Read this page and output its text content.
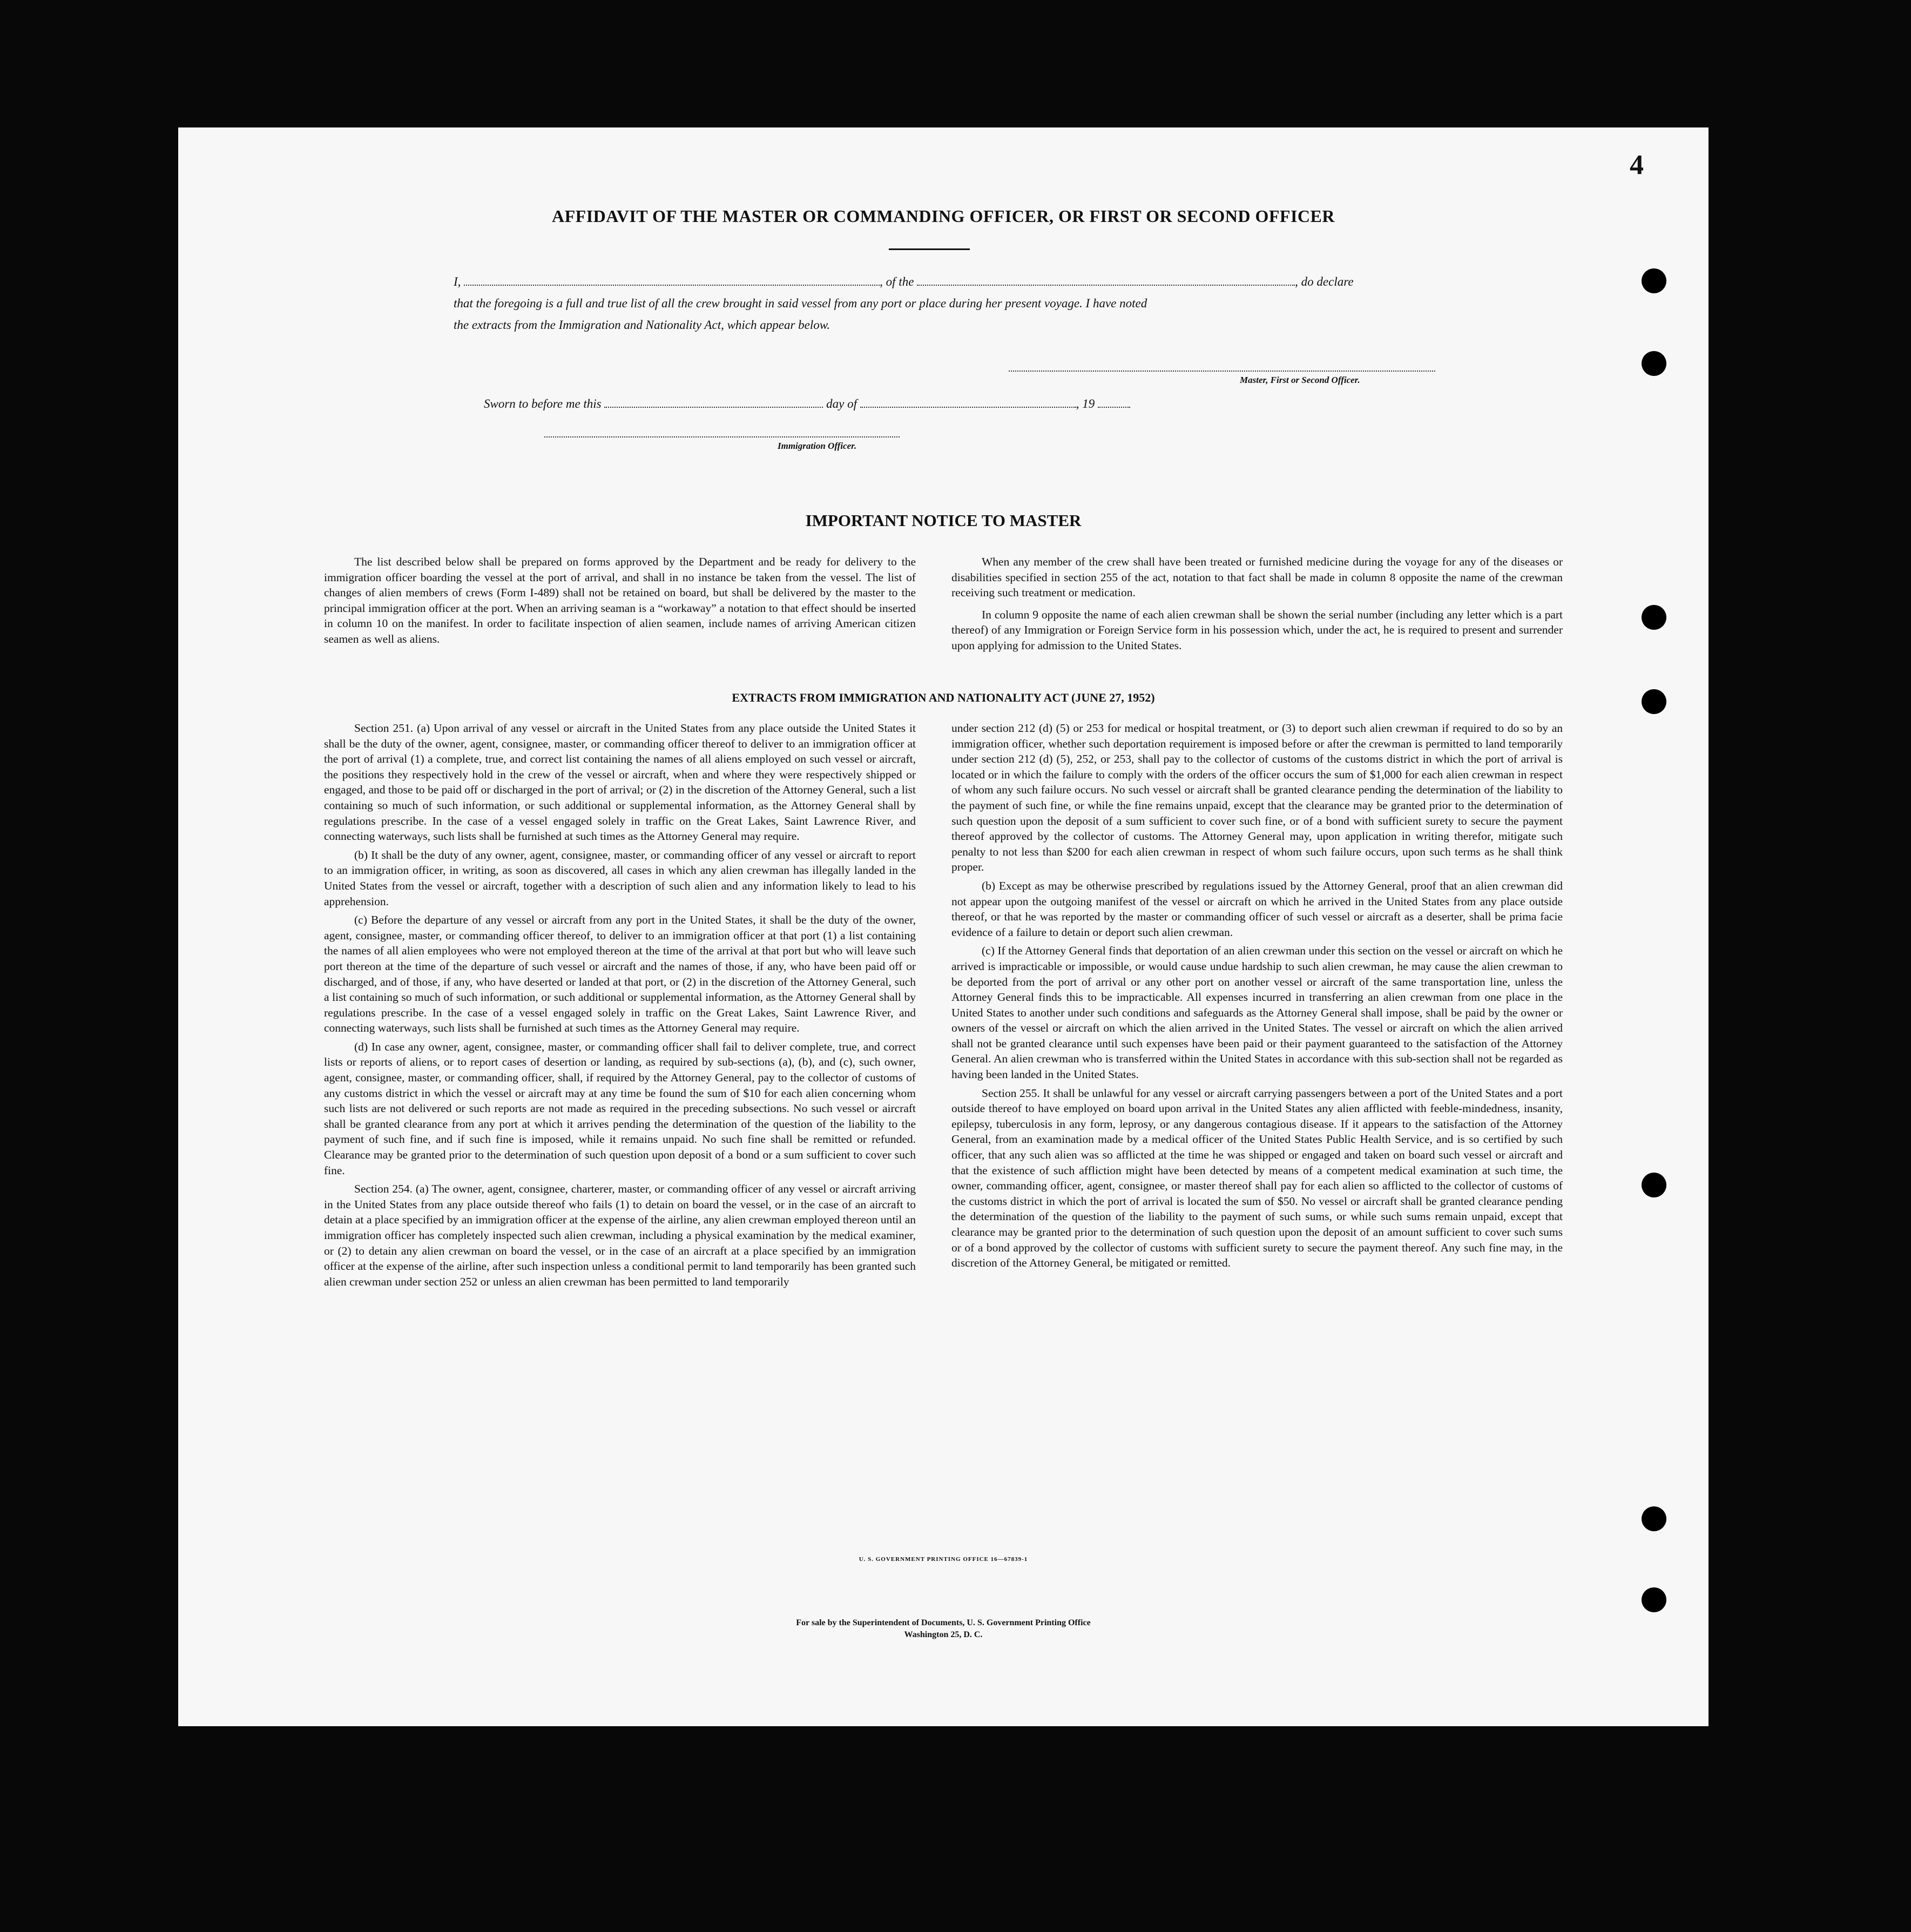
4
AFFIDAVIT OF THE MASTER OR COMMANDING OFFICER, OR FIRST OR SECOND OFFICER
I,	, of the	, do declare
that the foregoing is a full and true list of all the crew brought in said vessel from any port or place during her present voyage. I have noted
the extracts from the Immigration and Nationality Act, which appear below.
Master, First or Second Officer.
Sworn to before me this	day of	, 19
Immigration Officer.
IMPORTANT NOTICE TO MASTER

The list described below shall be prepared on forms approved by the Department and be ready for delivery to the immigration officer boarding the vessel at the port of arrival, and shall in no instance be taken from the vessel. The list of changes of alien members of crews (Form I-489) shall not be retained on board, but shall be delivered by the master to the principal immigration officer at the port. When an arriving seaman is a “workaway” a notation to that effect should be inserted in column 10 on the manifest. In order to facilitate inspection of alien seamen, include names of arriving American citizen seamen as well as aliens.

When any member of the crew shall have been treated or furnished medicine during the voyage for any of the diseases or disabilities specified in section 255 of the act, notation to that fact shall be made in column 8 opposite the name of the crewman receiving such treatment or medication.

In column 9 opposite the name of each alien crewman shall be shown the serial number (including any letter which is a part thereof) of any Immigration or Foreign Service form in his possession which, under the act, he is required to present and surrender upon applying for admission to the United States.

EXTRACTS FROM IMMIGRATION AND NATIONALITY ACT (JUNE 27, 1952)

Section 251. (a) Upon arrival of any vessel or aircraft in the United States from any place outside the United States it shall be the duty of the owner, agent, consignee, master, or commanding officer thereof to deliver to an immigration officer at the port of arrival (1) a complete, true, and correct list containing the names of all aliens employed on such vessel or aircraft, the positions they respectively hold in the crew of the vessel or aircraft, when and where they were respectively shipped or engaged, and those to be paid off or discharged in the port of arrival; or (2) in the discretion of the Attorney General, such a list containing so much of such information, or such additional or supplemental information, as the Attorney General shall by regulations prescribe. In the case of a vessel engaged solely in traffic on the Great Lakes, Saint Lawrence River, and connecting waterways, such lists shall be furnished at such times as the Attorney General may require.

(b) It shall be the duty of any owner, agent, consignee, master, or commanding officer of any vessel or aircraft to report to an immigration officer, in writing, as soon as discovered, all cases in which any alien crewman has illegally landed in the United States from the vessel or aircraft, together with a description of such alien and any information likely to lead to his apprehension.

(c) Before the departure of any vessel or aircraft from any port in the United States, it shall be the duty of the owner, agent, consignee, master, or commanding officer thereof, to deliver to an immigration officer at that port (1) a list containing the names of all alien employees who were not employed thereon at the time of the arrival at that port but who will leave such port thereon at the time of the departure of such vessel or aircraft and the names of those, if any, who have been paid off or discharged, and of those, if any, who have deserted or landed at that port, or (2) in the discretion of the Attorney General, such a list containing so much of such information, or such additional or supplemental information, as the Attorney General shall by regulations prescribe. In the case of a vessel engaged solely in traffic on the Great Lakes, Saint Lawrence River, and connecting waterways, such lists shall be furnished at such times as the Attorney General may require.

(d) In case any owner, agent, consignee, master, or commanding officer shall fail to deliver complete, true, and correct lists or reports of aliens, or to report cases of desertion or landing, as required by sub-sections (a), (b), and (c), such owner, agent, consignee, master, or commanding officer, shall, if required by the Attorney General, pay to the collector of customs of any customs district in which the vessel or aircraft may at any time be found the sum of $10 for each alien concerning whom such lists are not delivered or such reports are not made as required in the preceding subsections. No such vessel or aircraft shall be granted clearance from any port at which it arrives pending the determination of the question of the liability to the payment of such fine, and if such fine is imposed, while it remains unpaid. No such fine shall be remitted or refunded. Clearance may be granted prior to the determination of such question upon deposit of a bond or a sum sufficient to cover such fine.

Section 254. (a) The owner, agent, consignee, charterer, master, or commanding officer of any vessel or aircraft arriving in the United States from any place outside thereof who fails (1) to detain on board the vessel, or in the case of an aircraft to detain at a place specified by an immigration officer at the expense of the airline, any alien crewman employed thereon until an immigration officer has completely inspected such alien crewman, including a physical examination by the medical examiner, or (2) to detain any alien crewman on board the vessel, or in the case of an aircraft at a place specified by an immigration officer at the expense of the airline, after such inspection unless a conditional permit to land temporarily has been granted such alien crewman under section 252 or unless an alien crewman has been permitted to land temporarily

under section 212 (d) (5) or 253 for medical or hospital treatment, or (3) to deport such alien crewman if required to do so by an immigration officer, whether such deportation requirement is imposed before or after the crewman is permitted to land temporarily under section 212 (d) (5), 252, or 253, shall pay to the collector of customs of the customs district in which the port of arrival is located or in which the failure to comply with the orders of the officer occurs the sum of $1,000 for each alien crewman in respect of whom any such failure occurs. No such vessel or aircraft shall be granted clearance pending the determination of the liability to the payment of such fine, or while the fine remains unpaid, except that the clearance may be granted prior to the determination of such question upon the deposit of a sum sufficient to cover such fine, or of a bond with sufficient surety to secure the payment thereof approved by the collector of customs. The Attorney General may, upon application in writing therefor, mitigate such penalty to not less than $200 for each alien crewman in respect of whom such failure occurs, upon such terms as he shall think proper.

(b) Except as may be otherwise prescribed by regulations issued by the Attorney General, proof that an alien crewman did not appear upon the outgoing manifest of the vessel or aircraft on which he arrived in the United States from any place outside thereof, or that he was reported by the master or commanding officer of such vessel or aircraft as a deserter, shall be prima facie evidence of a failure to detain or deport such alien crewman.

(c) If the Attorney General finds that deportation of an alien crewman under this section on the vessel or aircraft on which he arrived is impracticable or impossible, or would cause undue hardship to such alien crewman, he may cause the alien crewman to be deported from the port of arrival or any other port on another vessel or aircraft of the same transportation line, unless the Attorney General finds this to be impracticable. All expenses incurred in transferring an alien crewman from one place in the United States to another under such conditions and safeguards as the Attorney General shall impose, shall be paid by the owner or owners of the vessel or aircraft on which the alien arrived in the United States. The vessel or aircraft on which the alien arrived shall not be granted clearance until such expenses have been paid or their payment guaranteed to the satisfaction of the Attorney General. An alien crewman who is transferred within the United States in accordance with this sub-section shall not be regarded as having been landed in the United States.

Section 255. It shall be unlawful for any vessel or aircraft carrying passengers between a port of the United States and a port outside thereof to have employed on board upon arrival in the United States any alien afflicted with feeble-mindedness, insanity, epilepsy, tuberculosis in any form, leprosy, or any dangerous contagious disease. If it appears to the satisfaction of the Attorney General, from an examination made by a medical officer of the United States Public Health Service, and is so certified by such officer, that any such alien was so afflicted at the time he was shipped or engaged and taken on board such vessel or aircraft and that the existence of such affliction might have been detected by means of a competent medical examination at such time, the owner, commanding officer, agent, consignee, or master thereof shall pay for each alien so afflicted to the collector of customs of the customs district in which the port of arrival is located the sum of $50. No vessel or aircraft shall be granted clearance pending the determination of the question of the liability to the payment of such sums, or while such sums remain unpaid, except that clearance may be granted prior to the determination of such question upon the deposit of an amount sufficient to cover such sums or of a bond approved by the collector of customs with sufficient surety to secure the payment thereof. Any such fine may, in the discretion of the Attorney General, be mitigated or remitted.

U. S. GOVERNMENT PRINTING OFFICE 16—67839-1
For sale by the Superintendent of Documents, U. S. Government Printing Office
Washington 25, D. C.
